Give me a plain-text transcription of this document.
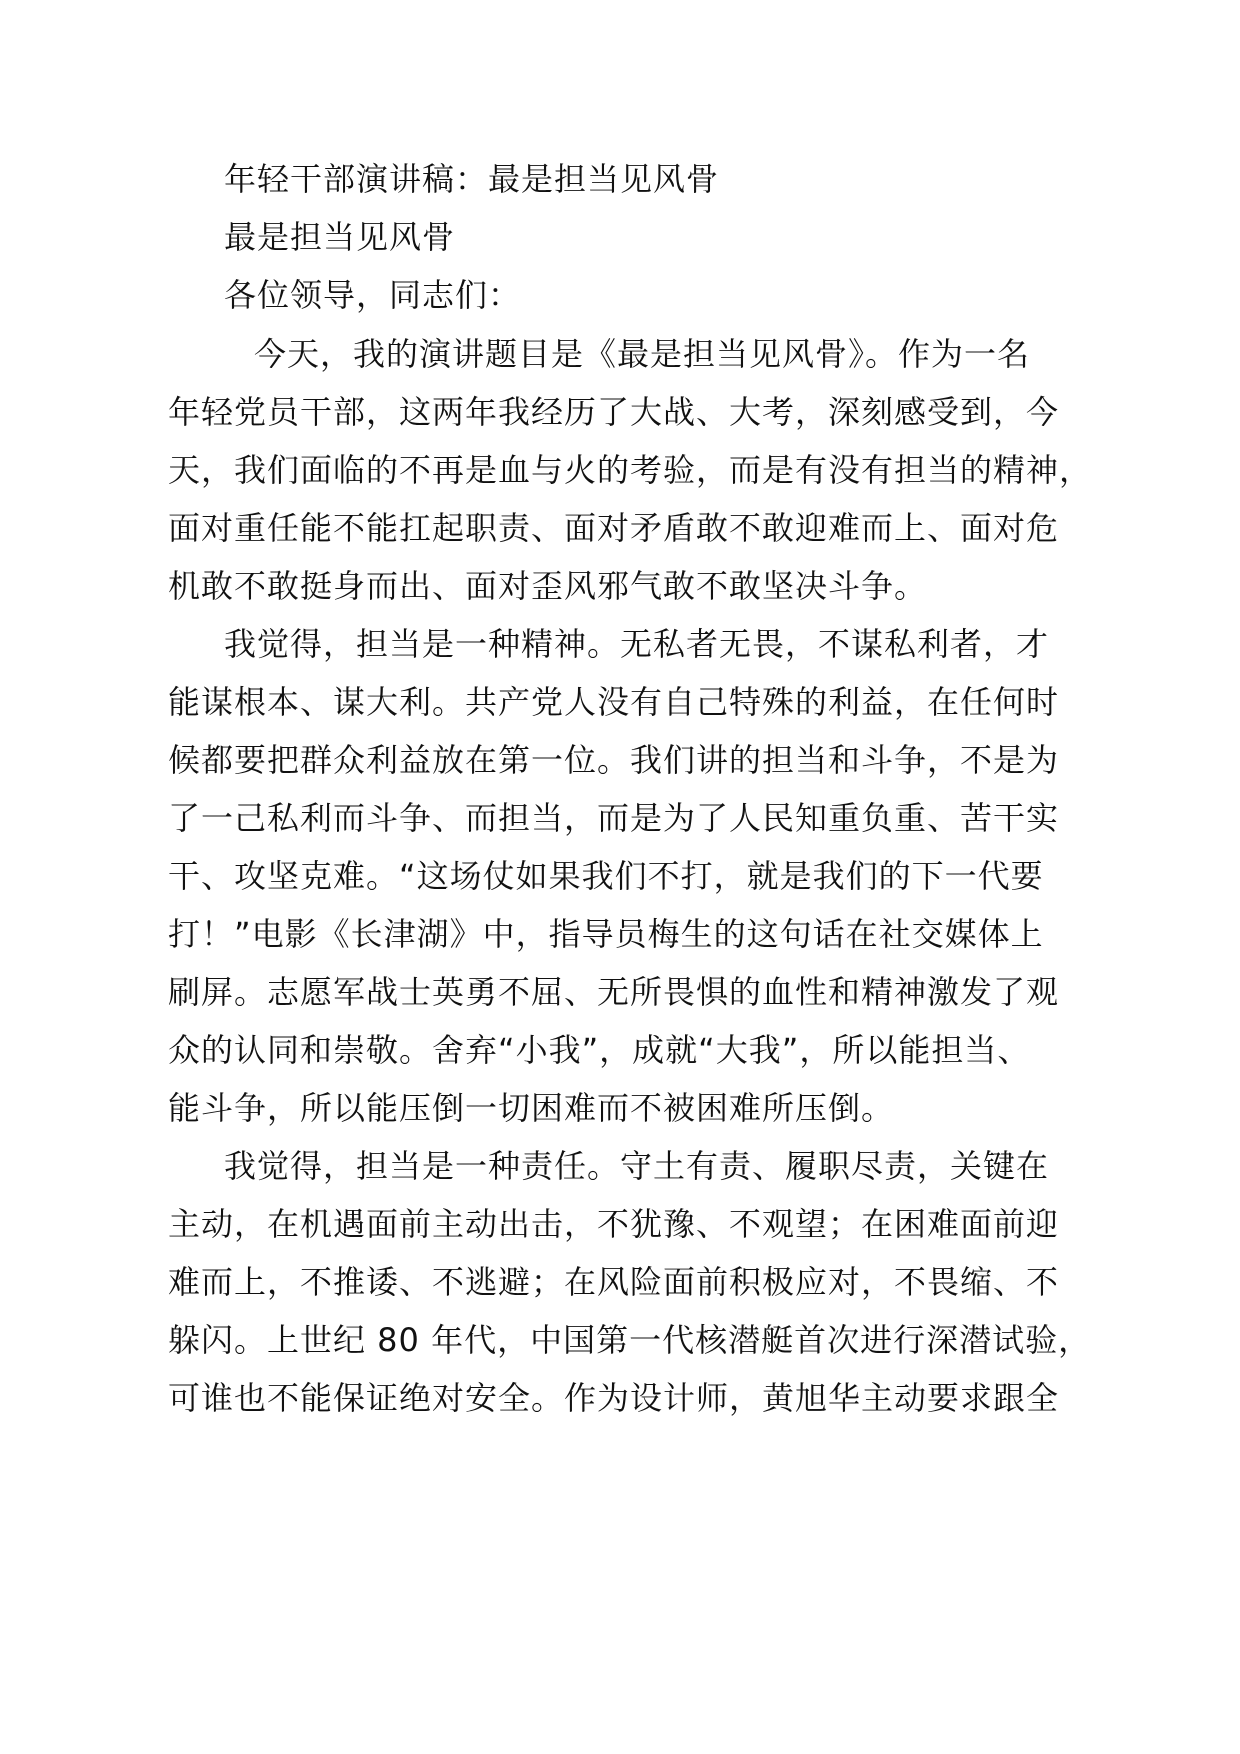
年轻干部演讲稿：最是担当见风骨
最是担当见风骨
各位领导，同志们：
今天，我的演讲题目是《最是担当见风骨》。作为一名
年轻党员干部，这两年我经历了大战、大考，深刻感受到，今
天，我们面临的不再是血与火的考验，而是有没有担当的精神，
面对重任能不能扛起职责、面对矛盾敢不敢迎难而上、面对危
机敢不敢挺身而出、面对歪风邪气敢不敢坚决斗争。
我觉得，担当是一种精神。无私者无畏，不谋私利者，才
能谋根本、谋大利。共产党人没有自己特殊的利益，在任何时
候都要把群众利益放在第一位。我们讲的担当和斗争，不是为
了一己私利而斗争、而担当，而是为了人民知重负重、苦干实
干、攻坚克难。“这场仗如果我们不打，就是我们的下一代要
打！”电影《长津湖》中，指导员梅生的这句话在社交媒体上
刷屏。志愿军战士英勇不屈、无所畏惧的血性和精神激发了观
众的认同和崇敬。舍弃“小我”，成就“大我”，所以能担当、
能斗争，所以能压倒一切困难而不被困难所压倒。
我觉得，担当是一种责任。守土有责、履职尽责，关键在
主动，在机遇面前主动出击，不犹豫、不观望；在困难面前迎
难而上，不推诿、不逃避；在风险面前积极应对，不畏缩、不
躲闪。上世纪 80 年代，中国第一代核潜艇首次进行深潜试验，
可谁也不能保证绝对安全。作为设计师，黄旭华主动要求跟全
